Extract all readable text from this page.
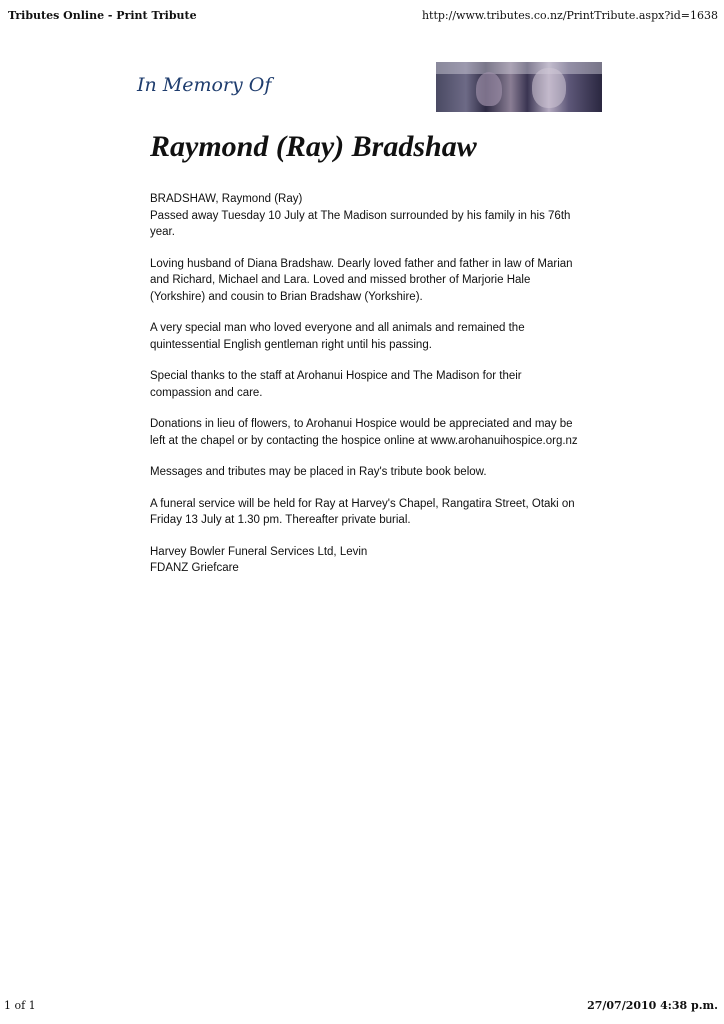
Tributes Online - Print Tribute	http://www.tributes.co.nz/PrintTribute.aspx?id=1638
In Memory Of
Raymond (Ray) Bradshaw

BRADSHAW, Raymond (Ray)
Passed away Tuesday 10 July at The Madison surrounded by his family in his 76th year.

Loving husband of Diana Bradshaw. Dearly loved father and father in law of Marian and Richard, Michael and Lara. Loved and missed brother of Marjorie Hale (Yorkshire) and cousin to Brian Bradshaw (Yorkshire).

A very special man who loved everyone and all animals and remained the quintessential English gentleman right until his passing.

Special thanks to the staff at Arohanui Hospice and The Madison for their compassion and care.

Donations in lieu of flowers, to Arohanui Hospice would be appreciated and may be left at the chapel or by contacting the hospice online at www.arohanuihospice.org.nz

Messages and tributes may be placed in Ray's tribute book below.

A funeral service will be held for Ray at Harvey's Chapel, Rangatira Street, Otaki on Friday 13 July at 1.30 pm. Thereafter private burial.

Harvey Bowler Funeral Services Ltd, Levin
FDANZ Griefcare

1 of 1	27/07/2010 4:38 p.m.
